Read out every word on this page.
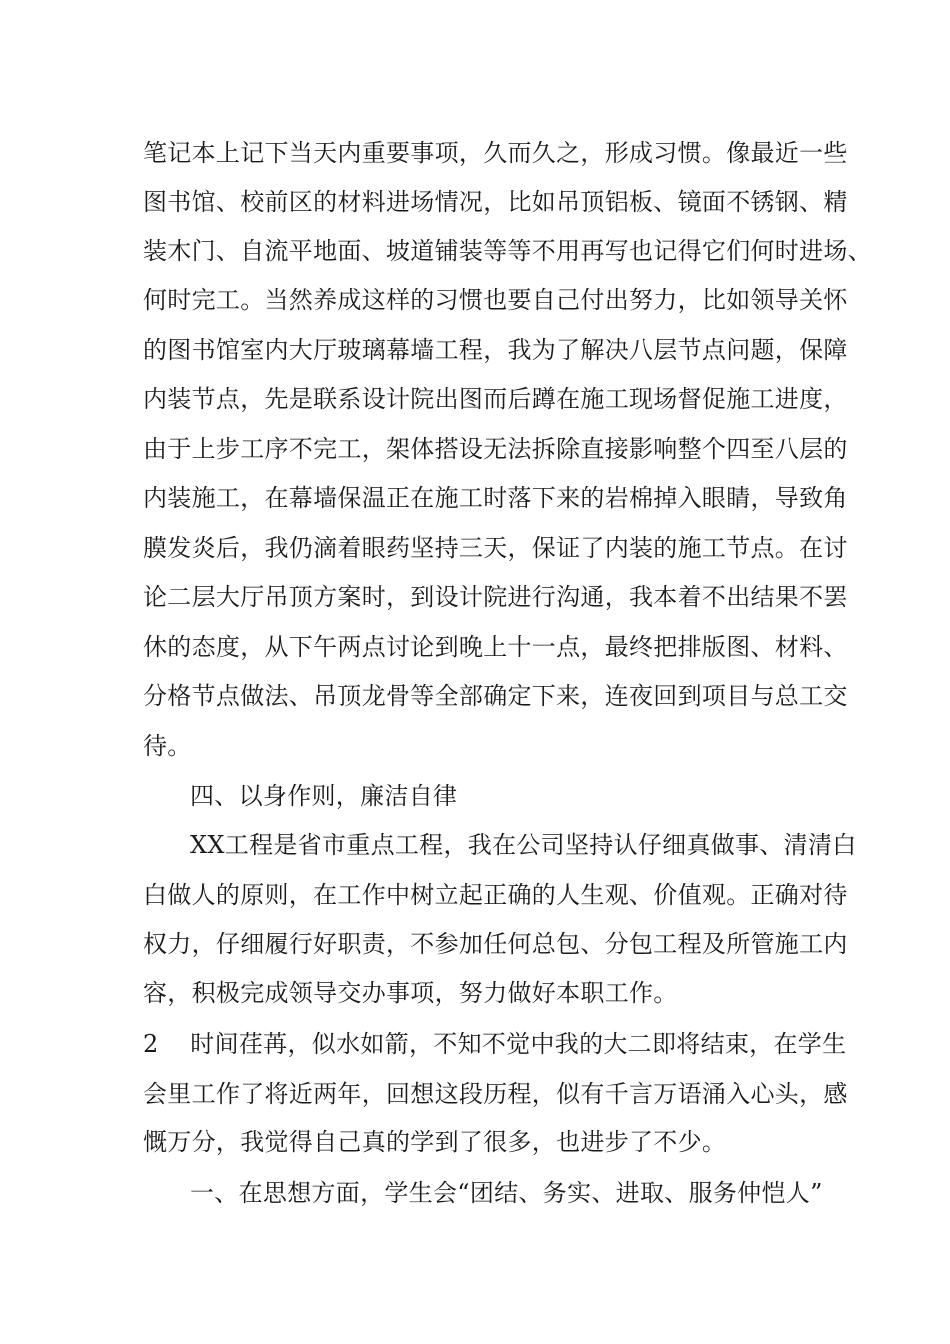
笔记本上记下当天内重要事项，久而久之，形成习惯。像最近一些
图书馆、校前区的材料进场情况，比如吊顶铝板、镜面不锈钢、精
装木门、自流平地面、坡道铺装等等不用再写也记得它们何时进场、
何时完工。当然养成这样的习惯也要自己付出努力，比如领导关怀
的图书馆室内大厅玻璃幕墙工程，我为了解决八层节点问题，保障
内装节点，先是联系设计院出图而后蹲在施工现场督促施工进度，
由于上步工序不完工，架体搭设无法拆除直接影响整个四至八层的
内装施工，在幕墙保温正在施工时落下来的岩棉掉入眼睛，导致角
膜发炎后，我仍滴着眼药坚持三天，保证了内装的施工节点。在讨
论二层大厅吊顶方案时，到设计院进行沟通，我本着不出结果不罢
休的态度，从下午两点讨论到晚上十一点，最终把排版图、材料、
分格节点做法、吊顶龙骨等全部确定下来，连夜回到项目与总工交
待。
四、以身作则，廉洁自律
XX工程是省市重点工程，我在公司坚持认仔细真做事、清清白
白做人的原则，在工作中树立起正确的人生观、价值观。正确对待
权力，仔细履行好职责，不参加任何总包、分包工程及所管施工内
容，积极完成领导交办事项，努力做好本职工作。
2    时间荏苒，似水如箭，不知不觉中我的大二即将结束，在学生
会里工作了将近两年，回想这段历程，似有千言万语涌入心头，感
慨万分，我觉得自己真的学到了很多，也进步了不少。
一、在思想方面，学生会“团结、务实、进取、服务仲恺人”
